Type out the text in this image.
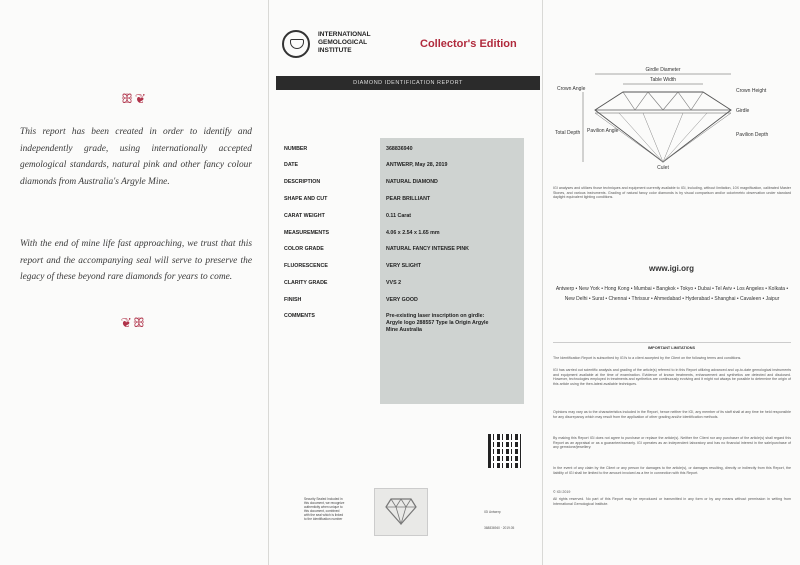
ꕥ❦

This report has been created in order to identify and independently grade, using internationally accepted gemological standards, natural pink and other fancy colour diamonds from Australia's Argyle Mine.

With the end of mine life fast approaching, we trust that this report and the accompanying seal will serve to preserve the legacy of these beyond rare diamonds for years to come.

❦ꕥ
INTERNATIONAL
GEMOLOGICAL
INSTITUTE
Collector's Edition
DIAMOND IDENTIFICATION REPORT
NUMBER	368836940
DATE	ANTWERP, May 28, 2019
DESCRIPTION	NATURAL DIAMOND
SHAPE AND CUT	PEAR BRILLIANT
CARAT WEIGHT	0.11 Carat
MEASUREMENTS	4.06 x 2.54 x 1.65 mm
COLOR GRADE	NATURAL FANCY INTENSE PINK
FLUORESCENCE	VERY SLIGHT
CLARITY GRADE	VVS 2
FINISH	VERY GOOD
COMMENTS	Pre-existing laser inscription on girdle: Argyle logo 288557 Type Ia Origin Argyle Mine Australia
Security Sealed Included in
this document, we recognize
authenticity when unique to
this document, combined
with the seal which is linked
to the identification number
IGI Antwerp
368836940 · 2019.05
Girdle Diameter
Table Width
Crown Angle	Crown Height
Girdle
Total Depth Pavilion Angle
Pavilion Depth
Culet

IGI analyses and utilizes those techniques and equipment currently available to IGI, including, without limitation, 10X magnification, calibrated Master Stones, and various instruments. Grading of natural fancy color diamonds is by visual comparison and/or colorimetric observation under standard daylight equivalent lighting conditions.

www.igi.org
Antwerp • New York • Hong Kong • Mumbai • Bangkok • Tokyo • Dubai • Tel Aviv • Los Angeles • Kolkata • New Delhi • Surat • Chennai • Thrissur • Ahmedabad • Hyderabad • Shanghai • Cavaleen • Jaipur
IMPORTANT LIMITATIONS

The Identification Report is subscribed by IGI's to a client accepted by the Client on the following terms and conditions.

IGI has carried out scientific analysis and grading of the article(s) referred to in this Report utilizing advanced and up-to-date gemological instruments and equipment available at the time of examination. Evidence of known treatments, enhancement and synthetics are detected and disclosed. However, technologies employed in treatments and synthetics are continuously evolving and it might not always be possible to determine the origin of this article using the then-latest available techniques.

Opinions may vary as to the characteristics included in the Report, hence neither the IGI, any member of its staff shall at any time be held responsible for any discrepancy which may result from the application of other grading and/or identification methods.

By making this Report IGI does not agree to purchase or replace the article(s). Neither the Client nor any purchaser of the article(s) shall regard this Report as an appraisal or as a guarantee/warranty. IGI operates as an independent laboratory and has no financial interest in the sale/purchase of any gemstone/jewellery.

In the event of any claim by the Client or any person for damages to the article(s), or damages resulting, directly or indirectly from this Report, the liability of IGI shall be limited to the amount invoiced as a fee in connection with this Report.

© IGI 2019

All rights reserved. No part of this Report may be reproduced or transmitted in any form or by any means without permission in writing from International Gemological Institute.
